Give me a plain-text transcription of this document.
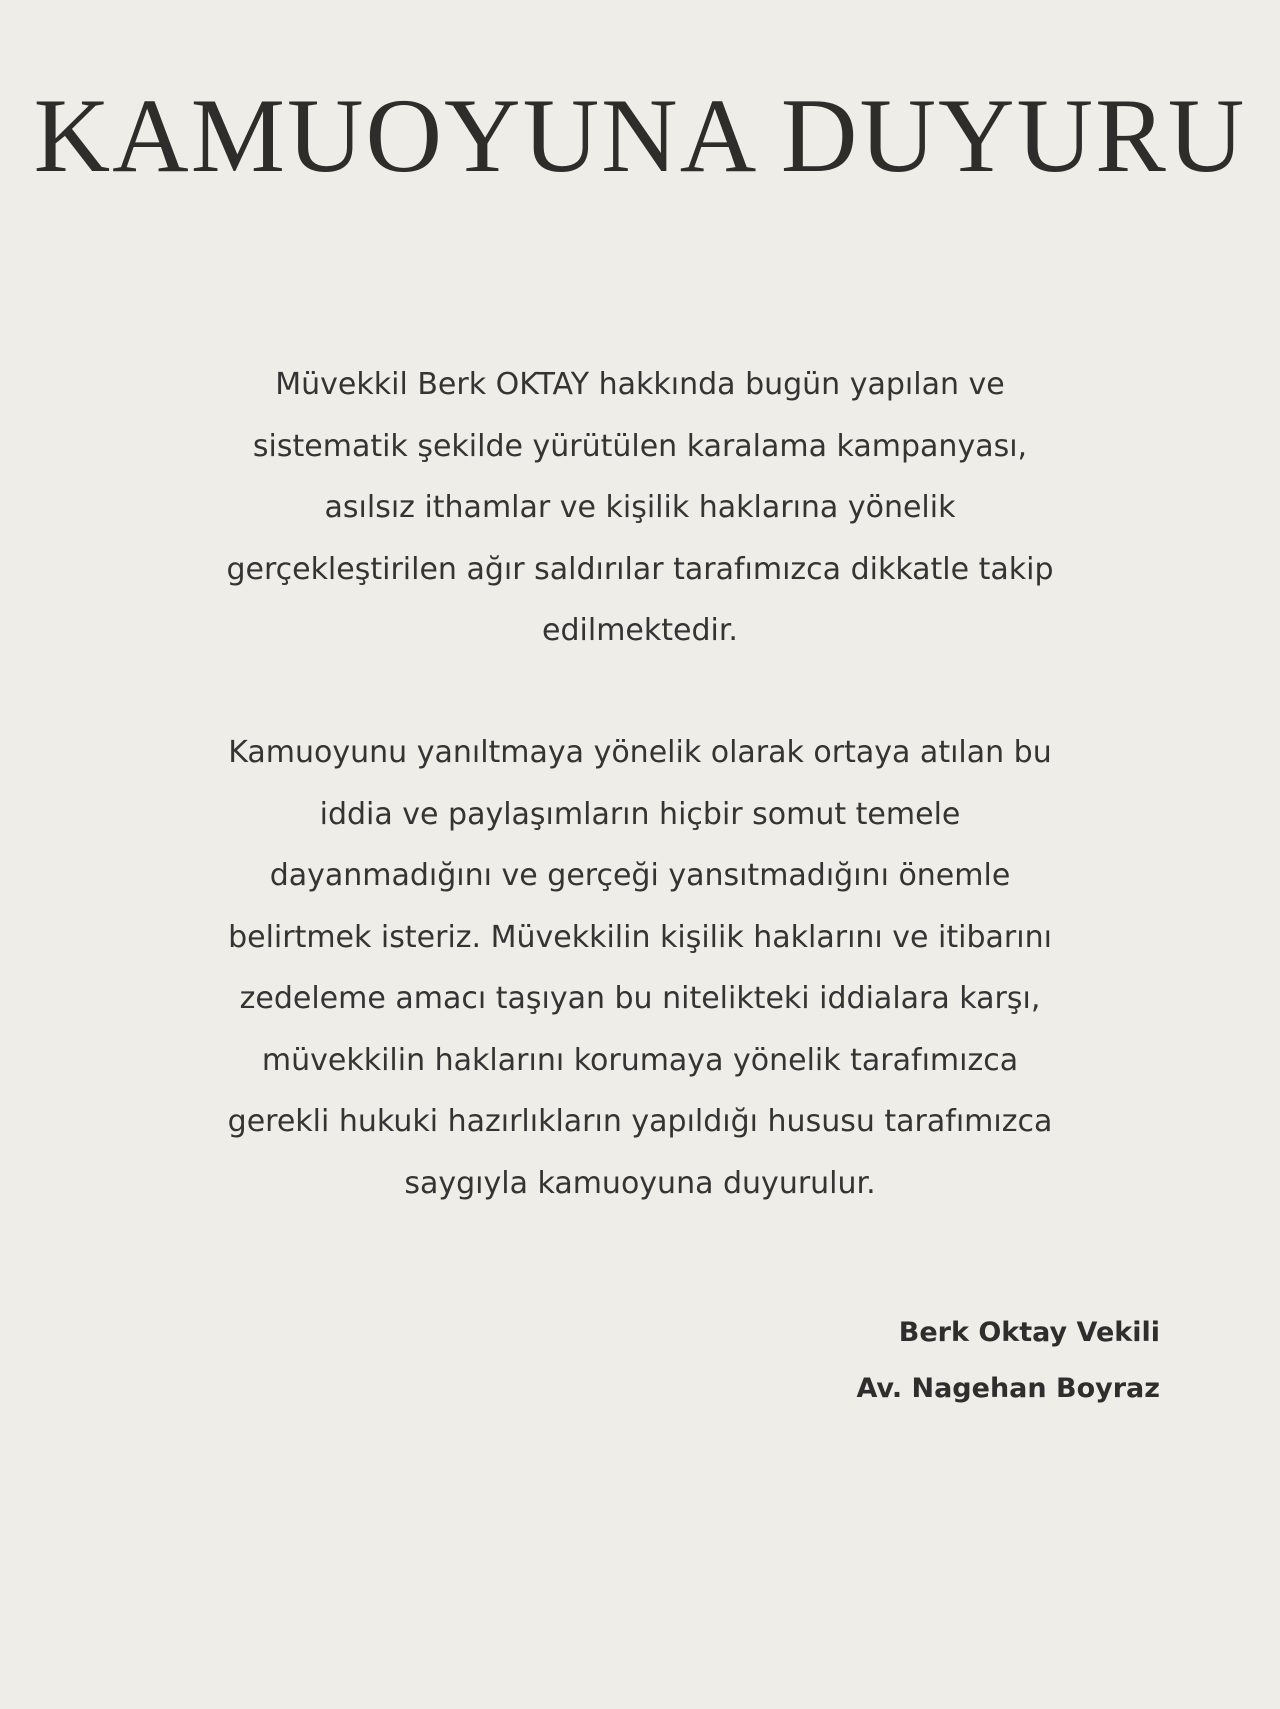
KAMUOYUNA DUYURU

Müvekkil Berk OKTAY hakkında bugün yapılan ve
sistematik şekilde yürütülen karalama kampanyası,
asılsız ithamlar ve kişilik haklarına yönelik
gerçekleştirilen ağır saldırılar tarafımızca dikkatle takip
edilmektedir.

Kamuoyunu yanıltmaya yönelik olarak ortaya atılan bu
iddia ve paylaşımların hiçbir somut temele
dayanmadığını ve gerçeği yansıtmadığını önemle
belirtmek isteriz. Müvekkilin kişilik haklarını ve itibarını
zedeleme amacı taşıyan bu nitelikteki iddialara karşı,
müvekkilin haklarını korumaya yönelik tarafımızca
gerekli hukuki hazırlıkların yapıldığı hususu tarafımızca
saygıyla kamuoyuna duyurulur.

Berk Oktay Vekili
Av. Nagehan Boyraz
